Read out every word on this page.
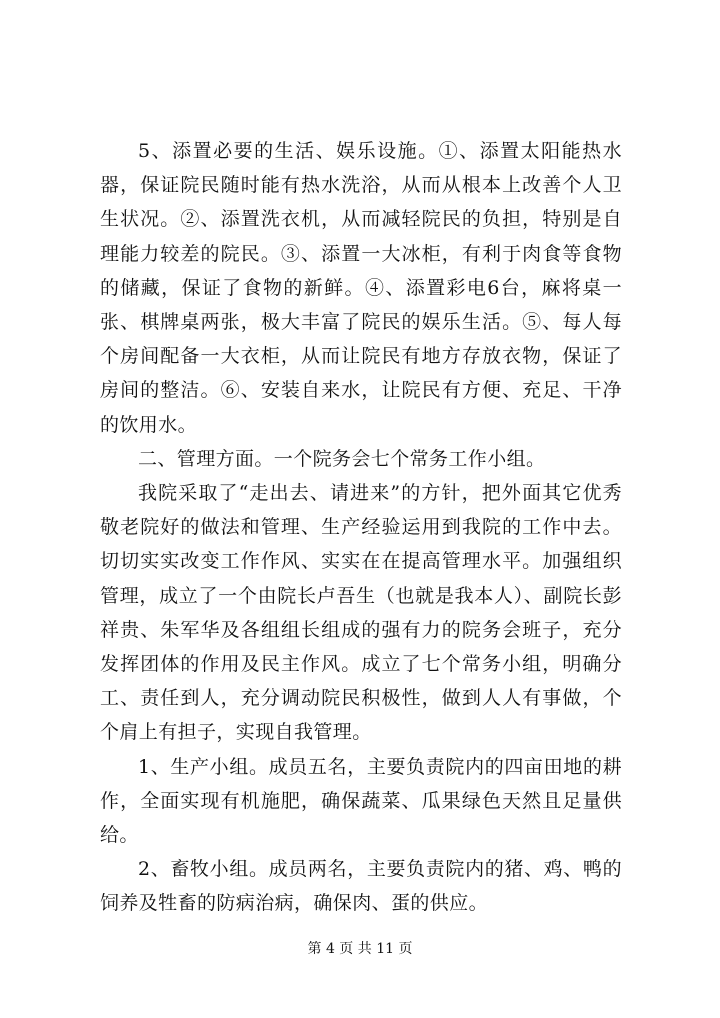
5、添置必要的生活、娱乐设施。①、添置太阳能热水器，保证院民随时能有热水洗浴，从而从根本上改善个人卫生状况。②、添置洗衣机，从而减轻院民的负担，特别是自理能力较差的院民。③、添置一大冰柜，有利于肉食等食物的储藏，保证了食物的新鲜。④、添置彩电6台，麻将桌一张、棋牌桌两张，极大丰富了院民的娱乐生活。⑤、每人每个房间配备一大衣柜，从而让院民有地方存放衣物，保证了房间的整洁。⑥、安装自来水，让院民有方便、充足、干净的饮用水。

二、管理方面。一个院务会七个常务工作小组。

我院采取了“走出去、请进来”的方针，把外面其它优秀敬老院好的做法和管理、生产经验运用到我院的工作中去。切切实实改变工作作风、实实在在提高管理水平。加强组织管理，成立了一个由院长卢吾生（也就是我本人）、副院长彭祥贵、朱军华及各组组长组成的强有力的院务会班子，充分发挥团体的作用及民主作风。成立了七个常务小组，明确分工、责任到人，充分调动院民积极性，做到人人有事做，个个肩上有担子，实现自我管理。

1、生产小组。成员五名，主要负责院内的四亩田地的耕作，全面实现有机施肥，确保蔬菜、瓜果绿色天然且足量供给。

2、畜牧小组。成员两名，主要负责院内的猪、鸡、鸭的饲养及牲畜的防病治病，确保肉、蛋的供应。

第 4 页 共 11 页
